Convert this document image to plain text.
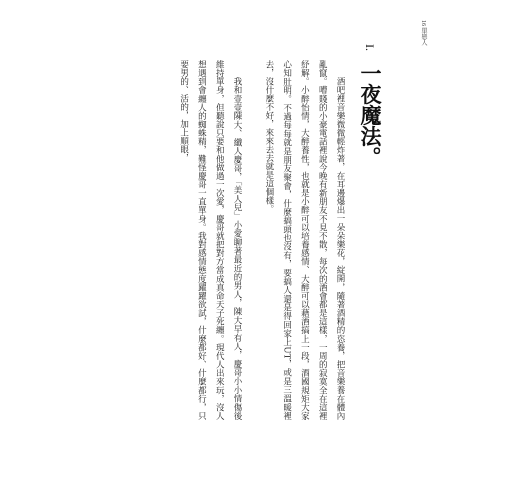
16 單戀人
I. 一夜魔法。

酒吧裡音樂微微輕炸著，在耳邊爆出一朵朵樂花，綻開，隨著酒精的恣養，把音樂養在體內亂竄。嘈賤的小豪電話裡說今晚有新朋友不見不散，每次的酒會都是這樣，一周的寂寞全在這裡紓解。小醉怡情，大醉養性，也就是小醉可以培養感情、大醉可以藉酒搞上一段，酒國規矩大家心知肚明。不過每每就是朋友聚會，什麼搞頭也沒有，要搞人還是得回家上UT，或是三溫暖裡去，沒什麼不好，來來去去就是這個樣。

我和壹壹陳大、纖人慶哥，「美人兒」小愛聊著最近的男人，陳大早有人，慶哥小小情傷後維持單身，但聽說只要和他做過一次愛，慶哥就把對方當成真命天子死纏。現代人出來玩，沒人想遇到會纏人的蜘蛛精，難怪慶哥一直單身。我對感情態度躍躍欲試，什麼都好、什麼都行，只要男的、活的，加上順眼，
